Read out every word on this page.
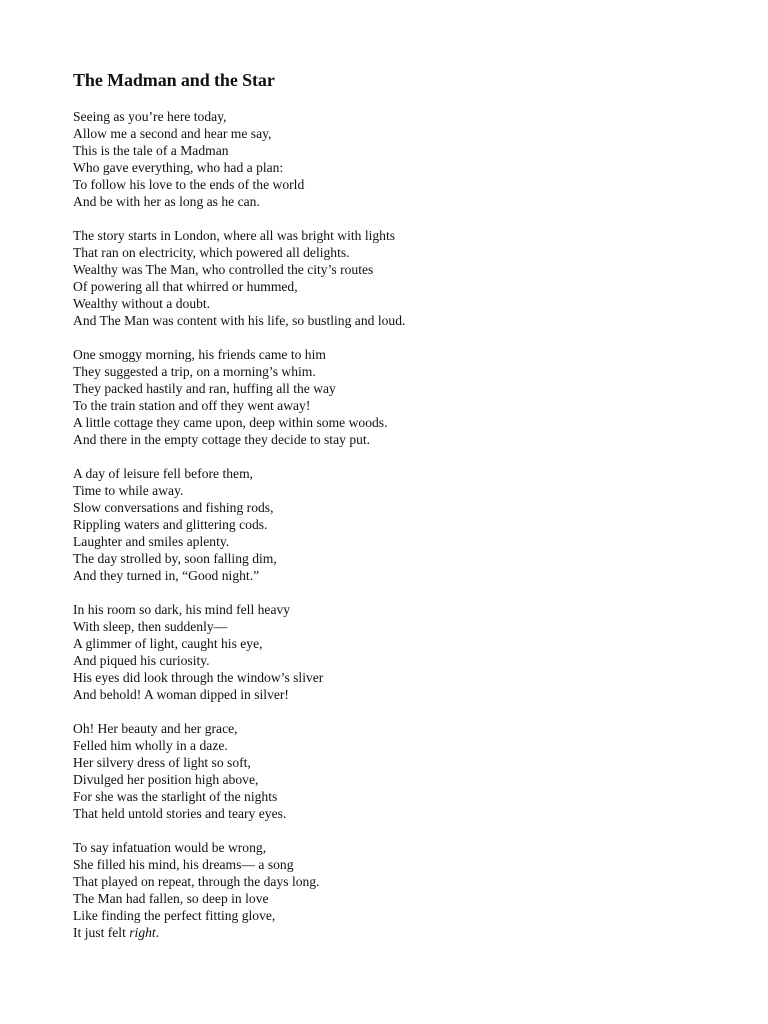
The Madman and the Star
Seeing as you’re here today,
Allow me a second and hear me say,
This is the tale of a Madman
Who gave everything, who had a plan:
To follow his love to the ends of the world
And be with her as long as he can.
The story starts in London, where all was bright with lights
That ran on electricity, which powered all delights.
Wealthy was The Man, who controlled the city’s routes
Of powering all that whirred or hummed,
Wealthy without a doubt.
And The Man was content with his life, so bustling and loud.
One smoggy morning, his friends came to him
They suggested a trip, on a morning’s whim.
They packed hastily and ran, huffing all the way
To the train station and off they went away!
A little cottage they came upon, deep within some woods.
And there in the empty cottage they decide to stay put.
A day of leisure fell before them,
Time to while away.
Slow conversations and fishing rods,
Rippling waters and glittering cods.
Laughter and smiles aplenty.
The day strolled by, soon falling dim,
And they turned in, “Good night.”
In his room so dark, his mind fell heavy
With sleep, then suddenly—
A glimmer of light, caught his eye,
And piqued his curiosity.
His eyes did look through the window’s sliver
And behold! A woman dipped in silver!
Oh! Her beauty and her grace,
Felled him wholly in a daze.
Her silvery dress of light so soft,
Divulged her position high above,
For she was the starlight of the nights
That held untold stories and teary eyes.
To say infatuation would be wrong,
She filled his mind, his dreams— a song
That played on repeat, through the days long.
The Man had fallen, so deep in love
Like finding the perfect fitting glove,
It just felt right.
